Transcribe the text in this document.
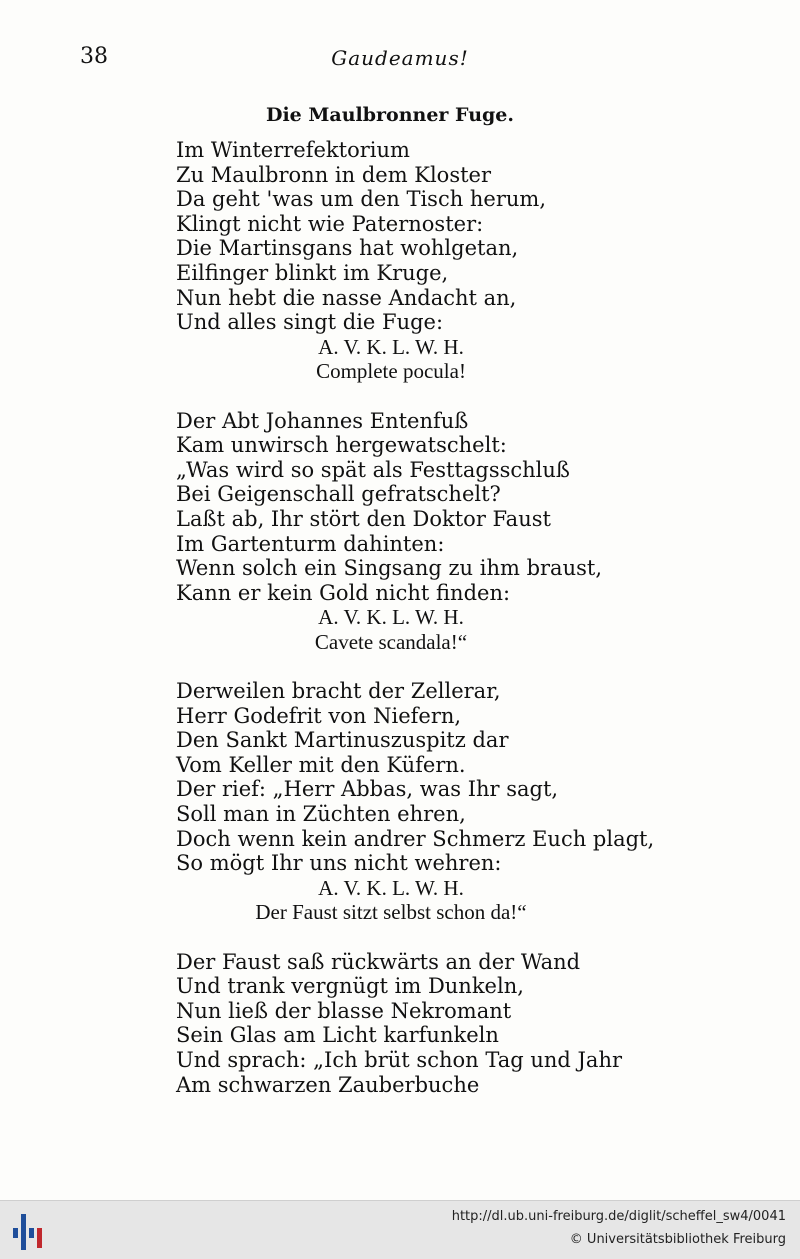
38	Gaudeamus!
Die Maulbronner Fuge.
Im Winterrefektorium
Zu Maulbronn in dem Kloster
Da geht 'was um den Tisch herum,
Klingt nicht wie Paternoster:
Die Martinsgans hat wohlgetan,
Eilfinger blinkt im Kruge,
Nun hebt die nasse Andacht an,
Und alles singt die Fuge:
A. V. K. L. W. H.
Complete pocula!
Der Abt Johannes Entenfuß
Kam unwirsch hergewatschelt:
„Was wird so spät als Festtagsschluß
Bei Geigenschall gefratschelt?
Laßt ab, Ihr stört den Doktor Faust
Im Gartenturm dahinten:
Wenn solch ein Singsang zu ihm braust,
Kann er kein Gold nicht finden:
A. V. K. L. W. H.
Cavete scandala!“
Derweilen bracht der Zellerar,
Herr Godefrit von Niefern,
Den Sankt Martinuszuspitz dar
Vom Keller mit den Küfern.
Der rief: „Herr Abbas, was Ihr sagt,
Soll man in Züchten ehren,
Doch wenn kein andrer Schmerz Euch plagt,
So mögt Ihr uns nicht wehren:
A. V. K. L. W. H.
Der Faust sitzt selbst schon da!“
Der Faust saß rückwärts an der Wand
Und trank vergnügt im Dunkeln,
Nun ließ der blasse Nekromant
Sein Glas am Licht karfunkeln
Und sprach: „Ich brüt schon Tag und Jahr
Am schwarzen Zauberbuche
http://dl.ub.uni-freiburg.de/diglit/scheffel_sw4/0041
© Universitätsbibliothek Freiburg
